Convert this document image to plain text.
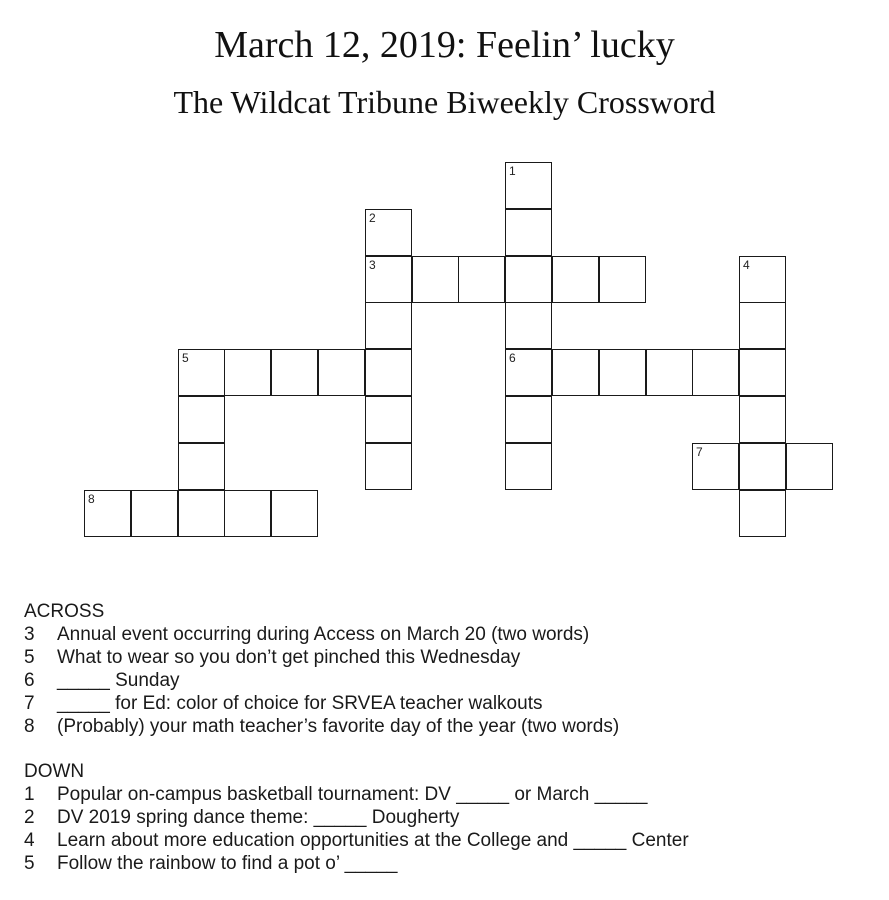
March 12, 2019: Feelin’ lucky
The Wildcat Tribune Biweekly Crossword
1
6
2
3	4
5
7
8
ACROSS
3	Annual event occurring during Access on March 20 (two words)
5	What to wear so you don’t get pinched this Wednesday
6	_____ Sunday
7	_____ for Ed: color of choice for SRVEA teacher walkouts
8	(Probably) your math teacher’s favorite day of the year (two words)
DOWN
1	Popular on-campus basketball tournament: DV _____ or March _____
2	DV 2019 spring dance theme: _____ Dougherty
4	Learn about more education opportunities at the College and _____ Center
5	Follow the rainbow to find a pot o’ _____
